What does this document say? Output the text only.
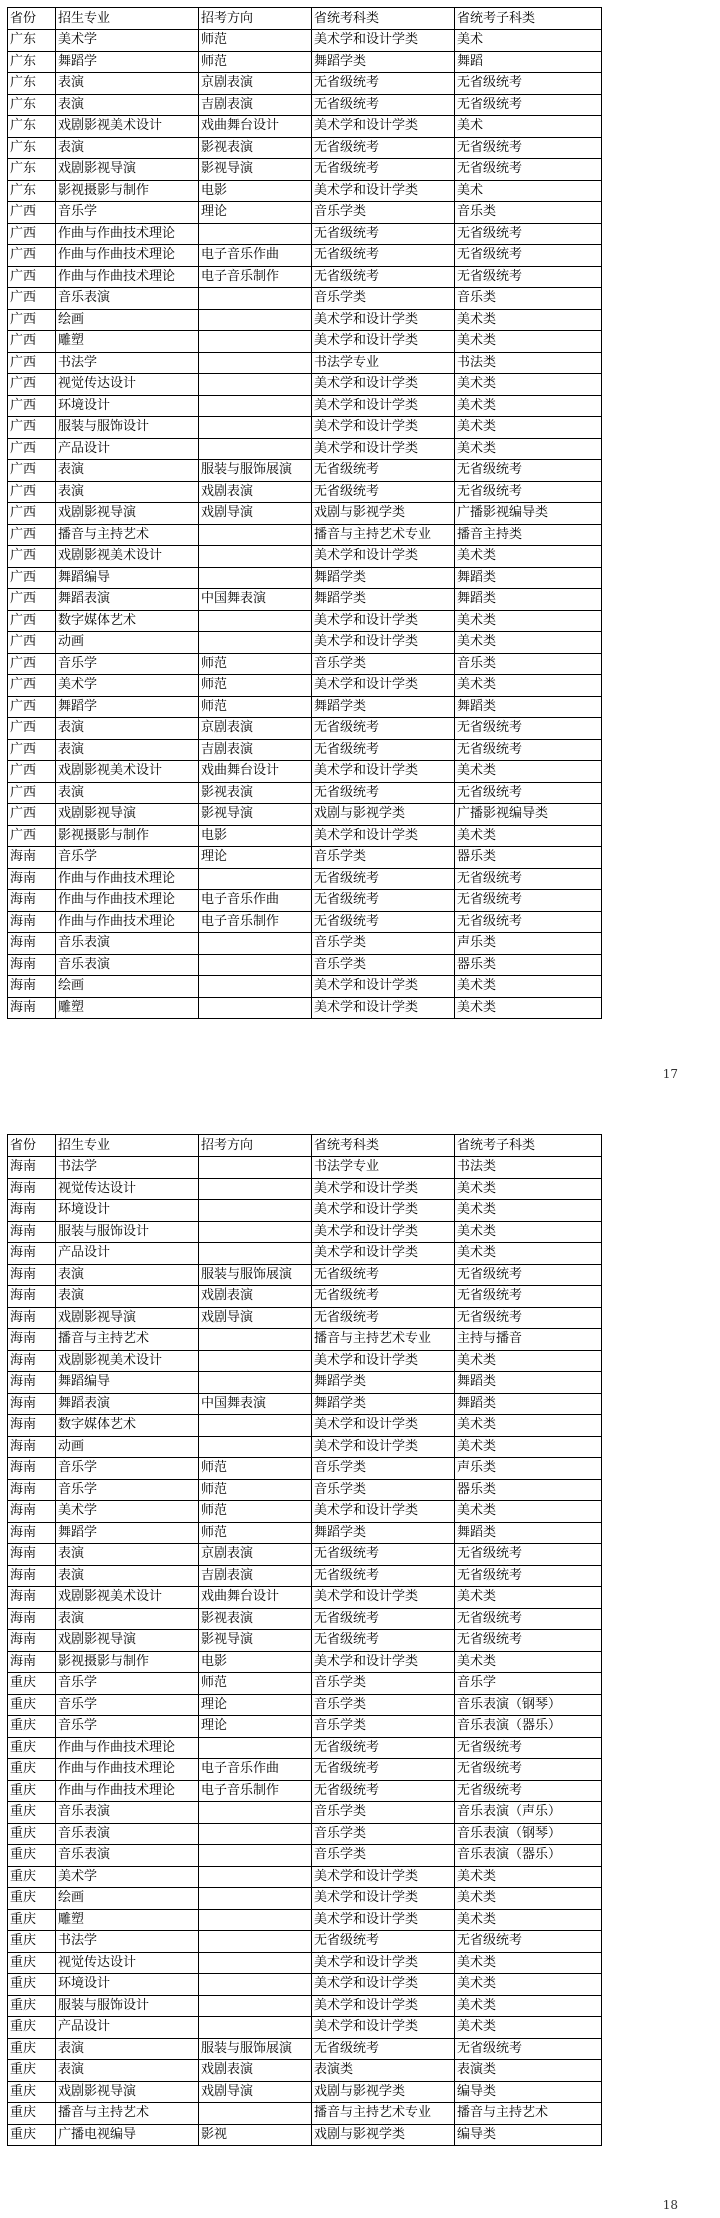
省份	招生专业	招考方向	省统考科类	省统考子科类
广东	美术学	师范	美术学和设计学类	美术
广东	舞蹈学	师范	舞蹈学类	舞蹈
广东	表演	京剧表演	无省级统考	无省级统考
广东	表演	吉剧表演	无省级统考	无省级统考
广东	戏剧影视美术设计	戏曲舞台设计	美术学和设计学类	美术
广东	表演	影视表演	无省级统考	无省级统考
广东	戏剧影视导演	影视导演	无省级统考	无省级统考
广东	影视摄影与制作	电影	美术学和设计学类	美术
广西	音乐学	理论	音乐学类	音乐类
广西	作曲与作曲技术理论		无省级统考	无省级统考
广西	作曲与作曲技术理论	电子音乐作曲	无省级统考	无省级统考
广西	作曲与作曲技术理论	电子音乐制作	无省级统考	无省级统考
广西	音乐表演		音乐学类	音乐类
广西	绘画		美术学和设计学类	美术类
广西	雕塑		美术学和设计学类	美术类
广西	书法学		书法学专业	书法类
广西	视觉传达设计		美术学和设计学类	美术类
广西	环境设计		美术学和设计学类	美术类
广西	服装与服饰设计		美术学和设计学类	美术类
广西	产品设计		美术学和设计学类	美术类
广西	表演	服装与服饰展演	无省级统考	无省级统考
广西	表演	戏剧表演	无省级统考	无省级统考
广西	戏剧影视导演	戏剧导演	戏剧与影视学类	广播影视编导类
广西	播音与主持艺术		播音与主持艺术专业	播音主持类
广西	戏剧影视美术设计		美术学和设计学类	美术类
广西	舞蹈编导		舞蹈学类	舞蹈类
广西	舞蹈表演	中国舞表演	舞蹈学类	舞蹈类
广西	数字媒体艺术		美术学和设计学类	美术类
广西	动画		美术学和设计学类	美术类
广西	音乐学	师范	音乐学类	音乐类
广西	美术学	师范	美术学和设计学类	美术类
广西	舞蹈学	师范	舞蹈学类	舞蹈类
广西	表演	京剧表演	无省级统考	无省级统考
广西	表演	吉剧表演	无省级统考	无省级统考
广西	戏剧影视美术设计	戏曲舞台设计	美术学和设计学类	美术类
广西	表演	影视表演	无省级统考	无省级统考
广西	戏剧影视导演	影视导演	戏剧与影视学类	广播影视编导类
广西	影视摄影与制作	电影	美术学和设计学类	美术类
海南	音乐学	理论	音乐学类	器乐类
海南	作曲与作曲技术理论		无省级统考	无省级统考
海南	作曲与作曲技术理论	电子音乐作曲	无省级统考	无省级统考
海南	作曲与作曲技术理论	电子音乐制作	无省级统考	无省级统考
海南	音乐表演		音乐学类	声乐类
海南	音乐表演		音乐学类	器乐类
海南	绘画		美术学和设计学类	美术类
海南	雕塑		美术学和设计学类	美术类
17
省份	招生专业	招考方向	省统考科类	省统考子科类
海南	书法学		书法学专业	书法类
海南	视觉传达设计		美术学和设计学类	美术类
海南	环境设计		美术学和设计学类	美术类
海南	服装与服饰设计		美术学和设计学类	美术类
海南	产品设计		美术学和设计学类	美术类
海南	表演	服装与服饰展演	无省级统考	无省级统考
海南	表演	戏剧表演	无省级统考	无省级统考
海南	戏剧影视导演	戏剧导演	无省级统考	无省级统考
海南	播音与主持艺术		播音与主持艺术专业	主持与播音
海南	戏剧影视美术设计		美术学和设计学类	美术类
海南	舞蹈编导		舞蹈学类	舞蹈类
海南	舞蹈表演	中国舞表演	舞蹈学类	舞蹈类
海南	数字媒体艺术		美术学和设计学类	美术类
海南	动画		美术学和设计学类	美术类
海南	音乐学	师范	音乐学类	声乐类
海南	音乐学	师范	音乐学类	器乐类
海南	美术学	师范	美术学和设计学类	美术类
海南	舞蹈学	师范	舞蹈学类	舞蹈类
海南	表演	京剧表演	无省级统考	无省级统考
海南	表演	吉剧表演	无省级统考	无省级统考
海南	戏剧影视美术设计	戏曲舞台设计	美术学和设计学类	美术类
海南	表演	影视表演	无省级统考	无省级统考
海南	戏剧影视导演	影视导演	无省级统考	无省级统考
海南	影视摄影与制作	电影	美术学和设计学类	美术类
重庆	音乐学	师范	音乐学类	音乐学
重庆	音乐学	理论	音乐学类	音乐表演（钢琴）
重庆	音乐学	理论	音乐学类	音乐表演（器乐）
重庆	作曲与作曲技术理论		无省级统考	无省级统考
重庆	作曲与作曲技术理论	电子音乐作曲	无省级统考	无省级统考
重庆	作曲与作曲技术理论	电子音乐制作	无省级统考	无省级统考
重庆	音乐表演		音乐学类	音乐表演（声乐）
重庆	音乐表演		音乐学类	音乐表演（钢琴）
重庆	音乐表演		音乐学类	音乐表演（器乐）
重庆	美术学		美术学和设计学类	美术类
重庆	绘画		美术学和设计学类	美术类
重庆	雕塑		美术学和设计学类	美术类
重庆	书法学		无省级统考	无省级统考
重庆	视觉传达设计		美术学和设计学类	美术类
重庆	环境设计		美术学和设计学类	美术类
重庆	服装与服饰设计		美术学和设计学类	美术类
重庆	产品设计		美术学和设计学类	美术类
重庆	表演	服装与服饰展演	无省级统考	无省级统考
重庆	表演	戏剧表演	表演类	表演类
重庆	戏剧影视导演	戏剧导演	戏剧与影视学类	编导类
重庆	播音与主持艺术		播音与主持艺术专业	播音与主持艺术
重庆	广播电视编导	影视	戏剧与影视学类	编导类
18
